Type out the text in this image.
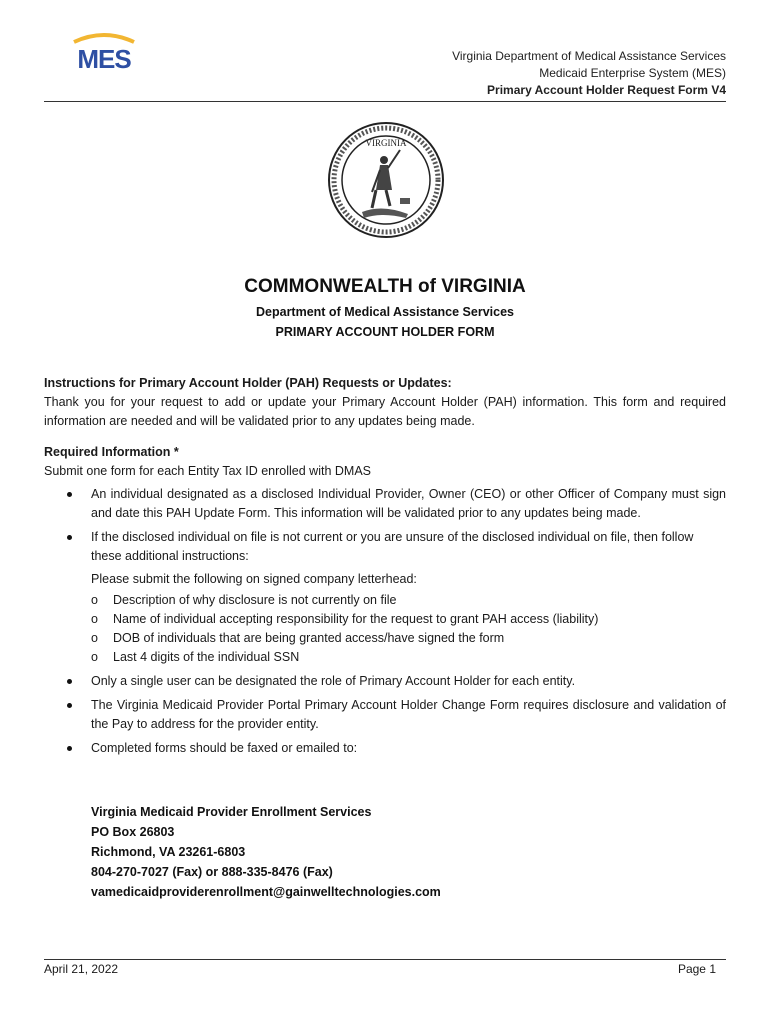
MES	Virginia Department of Medical Assistance Services
Medicaid Enterprise System (MES)
Primary Account Holder Request Form V4
VIRGINIA
COMMONWEALTH of VIRGINIA
Department of Medical Assistance Services
PRIMARY ACCOUNT HOLDER FORM

Instructions for Primary Account Holder (PAH) Requests or Updates:

Thank you for your request to add or update your Primary Account Holder (PAH) information. This form and required information are needed and will be validated prior to any updates being made.

Required Information *

Submit one form for each Entity Tax ID enrolled with DMAS

An individual designated as a disclosed Individual Provider, Owner (CEO) or other Officer of Company must sign and date this PAH Update Form. This information will be validated prior to any updates being made.
If the disclosed individual on file is not current or you are unsure of the disclosed individual on file, then follow these additional instructions:
Please submit the following on signed company letterhead:
o Description of why disclosure is not currently on file
o Name of individual accepting responsibility for the request to grant PAH access (liability)
o DOB of individuals that are being granted access/have signed the form
o Last 4 digits of the individual SSN
Only a single user can be designated the role of Primary Account Holder for each entity.
The Virginia Medicaid Provider Portal Primary Account Holder Change Form requires disclosure and validation of the Pay to address for the provider entity.
Completed forms should be faxed or emailed to:
Virginia Medicaid Provider Enrollment Services
PO Box 26803
Richmond, VA 23261-6803
804-270-7027 (Fax) or 888-335-8476 (Fax)
vamedicaidproviderenrollment@gainwelltechnologies.com
April 21, 2022	Page 1
